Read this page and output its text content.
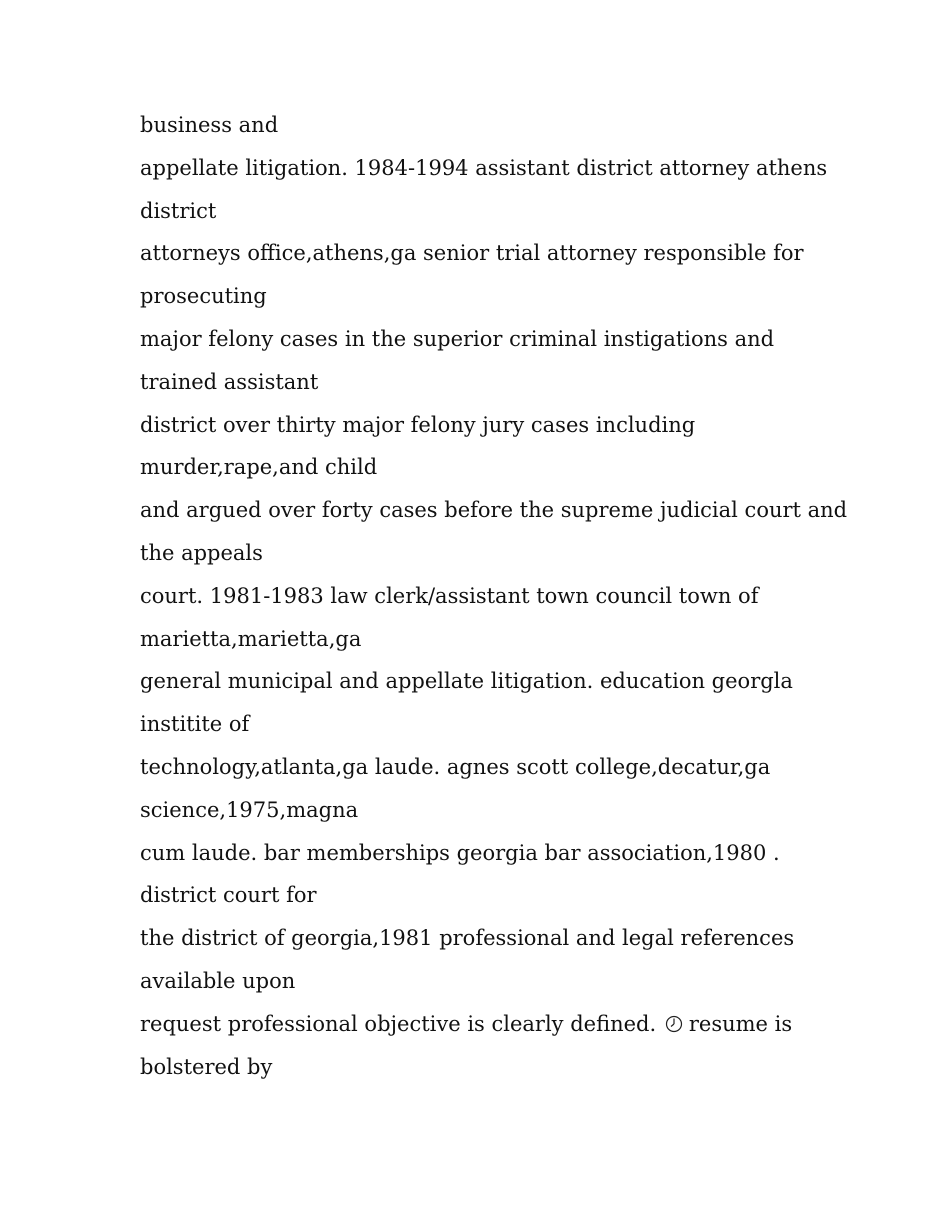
business and
appellate litigation. 1984-1994 assistant district attorney athens
district
attorneys office,athens,ga senior trial attorney responsible for
prosecuting
major felony cases in the superior criminal instigations and
trained assistant
district over thirty major felony jury cases including
murder,rape,and child
and argued over forty cases before the supreme judicial court and
the appeals
court. 1981-1983 law clerk/assistant town council town of
marietta,marietta,ga
general municipal and appellate litigation. education georgla
institite of
technology,atlanta,ga laude. agnes scott college,decatur,ga
science,1975,magna
cum laude. bar memberships georgia bar association,1980 .
district court for
the district of georgia,1981 professional and legal references
available upon
request professional objective is clearly defined. resume is
bolstered by
